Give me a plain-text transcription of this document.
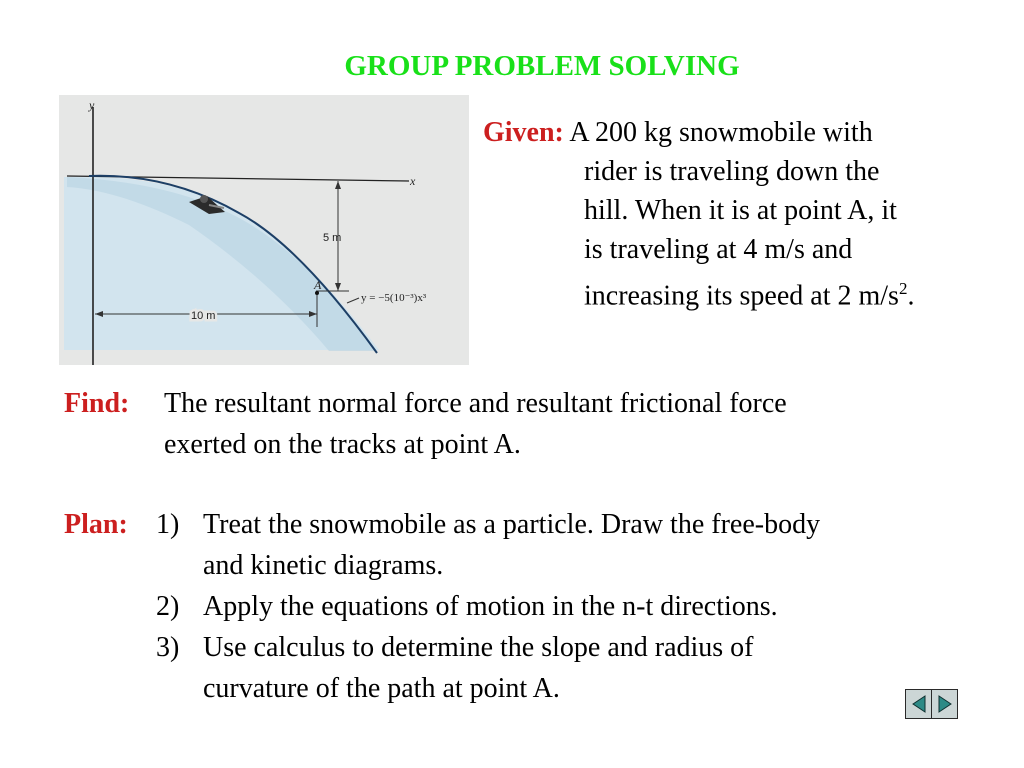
GROUP PROBLEM SOLVING
y
x
5 m
10 m
A
y = −5(10⁻³)x³
Given: A 200 kg snowmobile with
rider is traveling down the
hill. When it is at point A, it
is traveling at 4 m/s and
increasing its speed at 2 $m/s^2$.
Find: The resultant normal force and resultant frictional force
exerted on the tracks at point A.
Plan: 1) Treat the snowmobile as a particle. Draw the free-body
and kinetic diagrams.
2) Apply the equations of motion in the n-t directions.
3) Use calculus to determine the slope and radius of
curvature of the path at point A.
